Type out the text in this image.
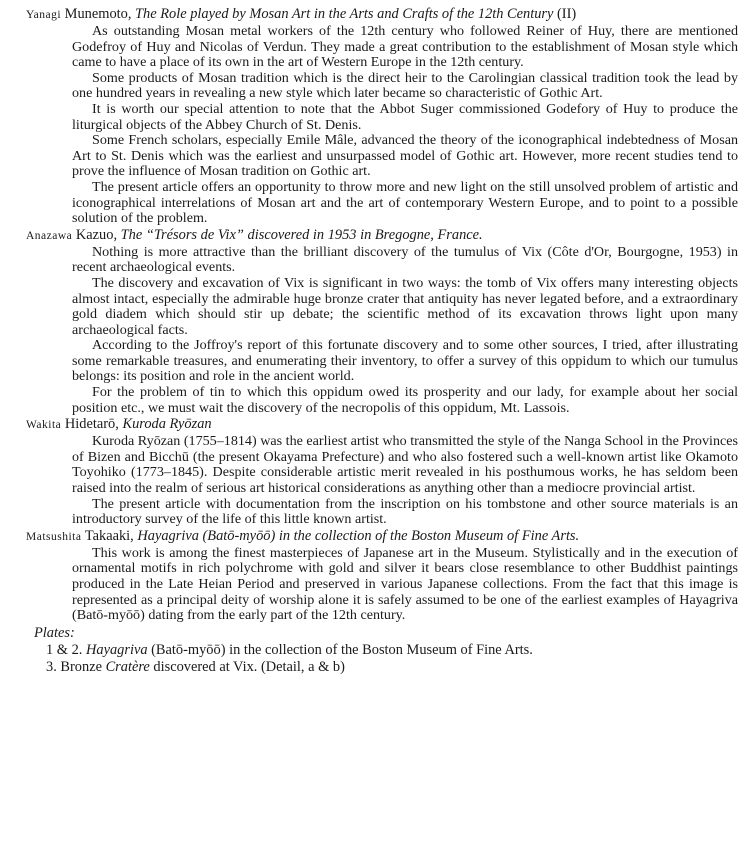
Yanagi Munemoto, The Role played by Mosan Art in the Arts and Crafts of the 12th Century (II)

As outstanding Mosan metal workers of the 12th century who followed Reiner of Huy, there are mentioned Godefroy of Huy and Nicolas of Verdun. They made a great contribution to the establishment of Mosan style which came to have a place of its own in the art of Western Europe in the 12th century.

Some products of Mosan tradition which is the direct heir to the Carolingian classical tradition took the lead by one hundred years in revealing a new style which later became so characteristic of Gothic Art.

It is worth our special attention to note that the Abbot Suger commissioned Godefory of Huy to produce the liturgical objects of the Abbey Church of St. Denis.

Some French scholars, especially Emile Mâle, advanced the theory of the iconographical indebtedness of Mosan Art to St. Denis which was the earliest and unsurpassed model of Gothic art. However, more recent studies tend to prove the influence of Mosan tradition on Gothic art.

The present article offers an opportunity to throw more and new light on the still unsolved problem of artistic and iconographical interrelations of Mosan art and the art of contemporary Western Europe, and to point to a possible solution of the problem.

Anazawa Kazuo, The “Trésors de Vix” discovered in 1953 in Bregogne, France.

Nothing is more attractive than the brilliant discovery of the tumulus of Vix (Côte d'Or, Bourgogne, 1953) in recent archaeological events.

The discovery and excavation of Vix is significant in two ways: the tomb of Vix offers many interesting objects almost intact, especially the admirable huge bronze crater that antiquity has never legated before, and a extraordinary gold diadem which should stir up debate; the scientific method of its excavation throws light upon many archaeological facts.

According to the Joffroy's report of this fortunate discovery and to some other sources, I tried, after illustrating some remarkable treasures, and enumerating their inventory, to offer a survey of this oppidum to which our tumulus belongs: its position and role in the ancient world.

For the problem of tin to which this oppidum owed its prosperity and our lady, for example about her social position etc., we must wait the discovery of the necropolis of this oppidum, Mt. Lassois.

Wakita Hidetarō, Kuroda Ryōzan

Kuroda Ryōzan (1755–1814) was the earliest artist who transmitted the style of the Nanga School in the Provinces of Bizen and Bicchū (the present Okayama Prefecture) and who also fostered such a well-known artist like Okamoto Toyohiko (1773–1845). Despite considerable artistic merit revealed in his posthumous works, he has seldom been raised into the realm of serious art historical considerations as anything other than a mediocre provincial artist.

The present article with documentation from the inscription on his tombstone and other source materials is an introductory survey of the life of this little known artist.

Matsushita Takaaki, Hayagriva (Batō-myōō) in the collection of the Boston Museum of Fine Arts.

This work is among the finest masterpieces of Japanese art in the Museum. Stylistically and in the execution of ornamental motifs in rich polychrome with gold and silver it bears close resemblance to other Buddhist paintings produced in the Late Heian Period and preserved in various Japanese collections. From the fact that this image is represented as a principal deity of worship alone it is safely assumed to be one of the earliest examples of Hayagriva (Batō-myōō) dating from the early part of the 12th century.

Plates:

1 & 2. Hayagriva (Batō-myōō) in the collection of the Boston Museum of Fine Arts.

3. Bronze Cratère discovered at Vix. (Detail, a & b)
